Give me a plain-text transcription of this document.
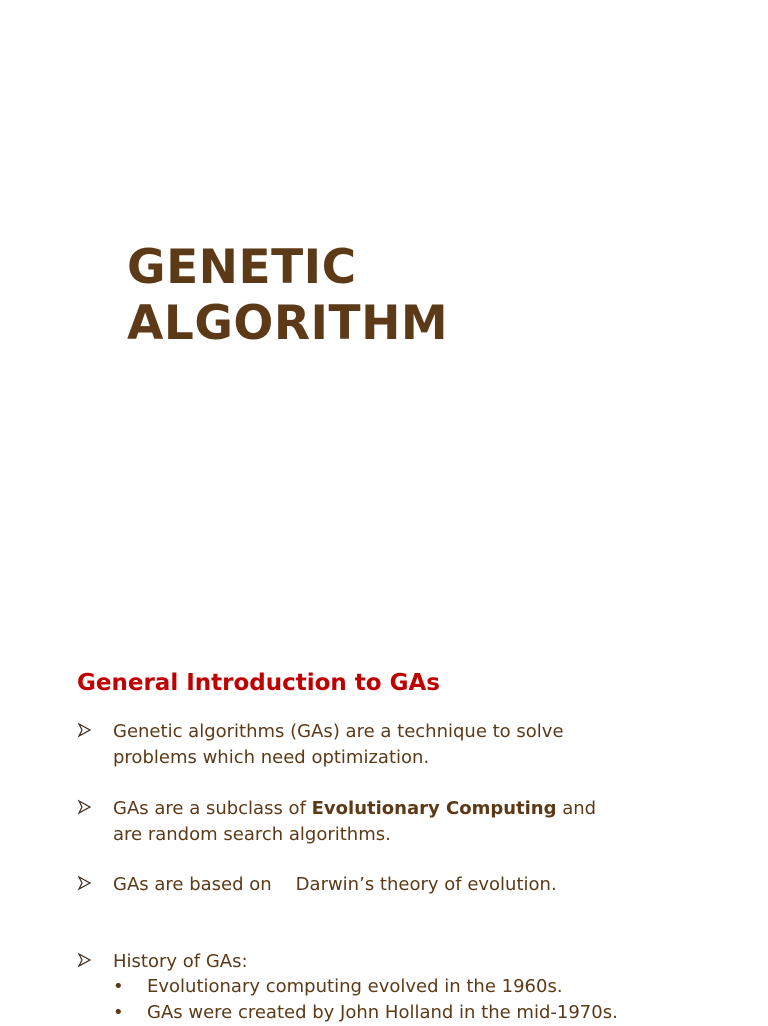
GENETIC
ALGORITHM
General Introduction to GAs
Genetic algorithms (GAs) are a technique to solve
problems which need optimization.
GAs are a subclass of Evolutionary Computing and
are random search algorithms.
GAs are based on Darwin’s theory of evolution.
History of GAs:
• Evolutionary computing evolved in the 1960s.
• GAs were created by John Holland in the mid-1970s.
